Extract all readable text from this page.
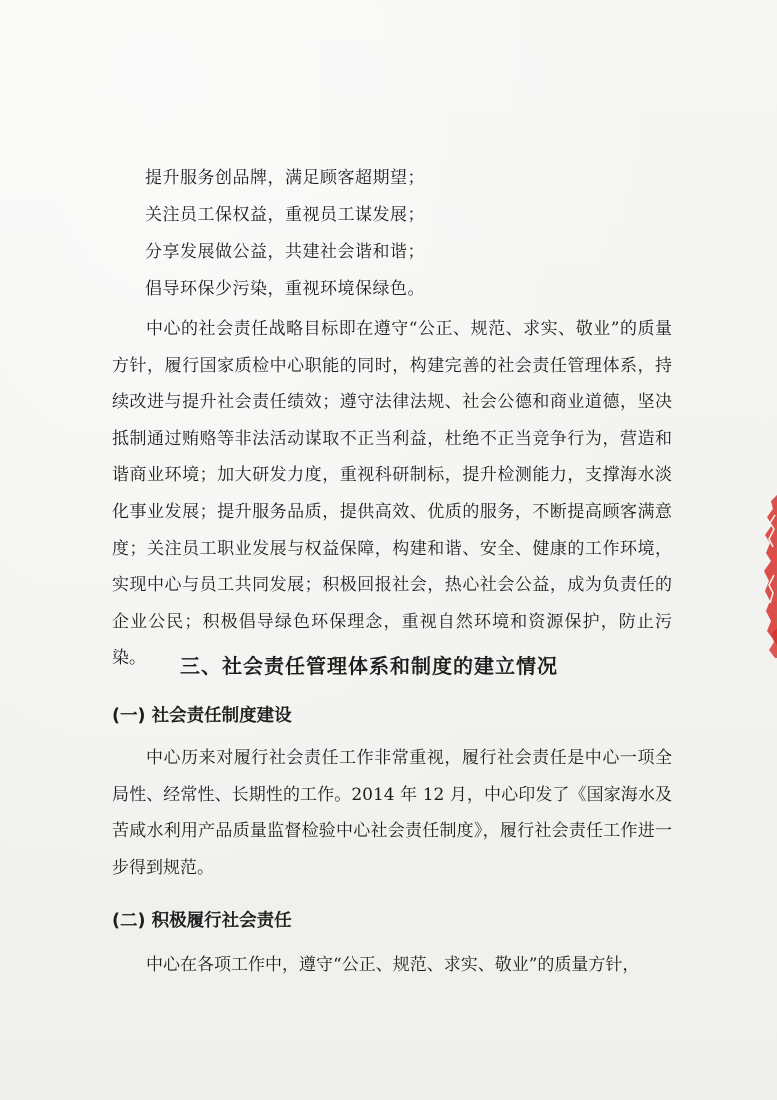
提升服务创品牌，满足顾客超期望；
关注员工保权益，重视员工谋发展；
分享发展做公益，共建社会谐和谐；
倡导环保少污染，重视环境保绿色。

中心的社会责任战略目标即在遵守“公正、规范、求实、敬业”的质量方针，履行国家质检中心职能的同时，构建完善的社会责任管理体系，持续改进与提升社会责任绩效；遵守法律法规、社会公德和商业道德，坚决抵制通过贿赂等非法活动谋取不正当利益，杜绝不正当竞争行为，营造和谐商业环境；加大研发力度，重视科研制标，提升检测能力，支撑海水淡化事业发展；提升服务品质，提供高效、优质的服务，不断提高顾客满意度；关注员工职业发展与权益保障，构建和谐、安全、健康的工作环境，实现中心与员工共同发展；积极回报社会，热心社会公益，成为负责任的企业公民；积极倡导绿色环保理念，重视自然环境和资源保护，防止污染。	三、社会责任管理体系和制度的建立情况
(一) 社会责任制度建设

中心历来对履行社会责任工作非常重视，履行社会责任是中心一项全局性、经常性、长期性的工作。2014 年 12 月，中心印发了《国家海水及苦咸水利用产品质量监督检验中心社会责任制度》，履行社会责任工作进一步得到规范。

(二) 积极履行社会责任

中心在各项工作中，遵守“公正、规范、求实、敬业”的质量方针，
